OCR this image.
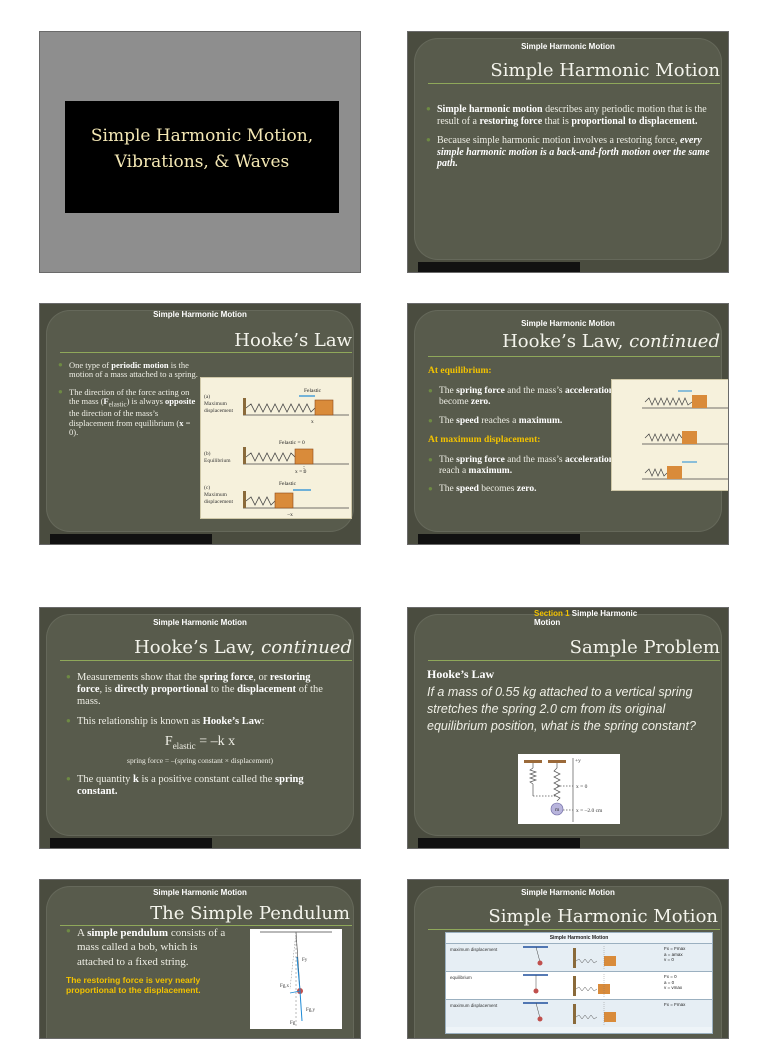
Simple Harmonic Motion,
Vibrations, & Waves
Simple Harmonic Motion
Simple Harmonic Motion
● Simple harmonic motion describes any periodic motion that is the result of a restoring force that is proportional to displacement.
● Because simple harmonic motion involves a restoring force, every simple harmonic motion is a back-and-forth motion over the same path.
Simple Harmonic Motion
Hooke’s Law
● One type of periodic motion is the motion of a mass attached to a spring.
● The direction of the force acting on the mass $(F_{elastic})$ is always opposite the direction of the mass’s displacement from equilibrium (x = 0).
(a)
Maximum
displacement
(b)
Equilibrium
(c)
Maximum
displacement
Felastic
x
Felastic = 0
x = 0
Felastic
−x
Simple Harmonic Motion
Hooke’s Law, continued
At equilibrium:
● The spring force and the mass’s acceleration become zero.
● The speed reaches a maximum.
At maximum displacement:
● The spring force and the mass’s acceleration reach a maximum.
● The speed becomes zero.
Simple Harmonic Motion
Hooke’s Law, continued
● Measurements show that the spring force, or restoring force, is directly proportional to the displacement of the mass.
● This relationship is known as Hooke’s Law:
$F_{elastic} = -k$ x
spring force = –(spring constant × displacement)
● The quantity k is a positive constant called the spring constant.
Section 1 Simple Harmonic Motion
Sample Problem
Hooke’s Law
If a mass of 0.55 kg attached to a vertical spring stretches the spring 2.0 cm from its original equilibrium position, what is the spring constant?
+y
x = 0
x = –2.0 cm
m
Simple Harmonic Motion
The Simple Pendulum
● A simple pendulum consists of a mass called a bob, which is attached to a fixed string.
The restoring force is very nearly proportional to the displacement.
Fy
Fg,x
Fg,y
Fg
Simple Harmonic Motion
Simple Harmonic Motion
Simple Harmonic Motion
maximum displacement	Fx = Fmax
a = amax
v = 0
equilibrium	Fx = 0
a = 0
v = vmax
maximum displacement	Fx = Fmax
